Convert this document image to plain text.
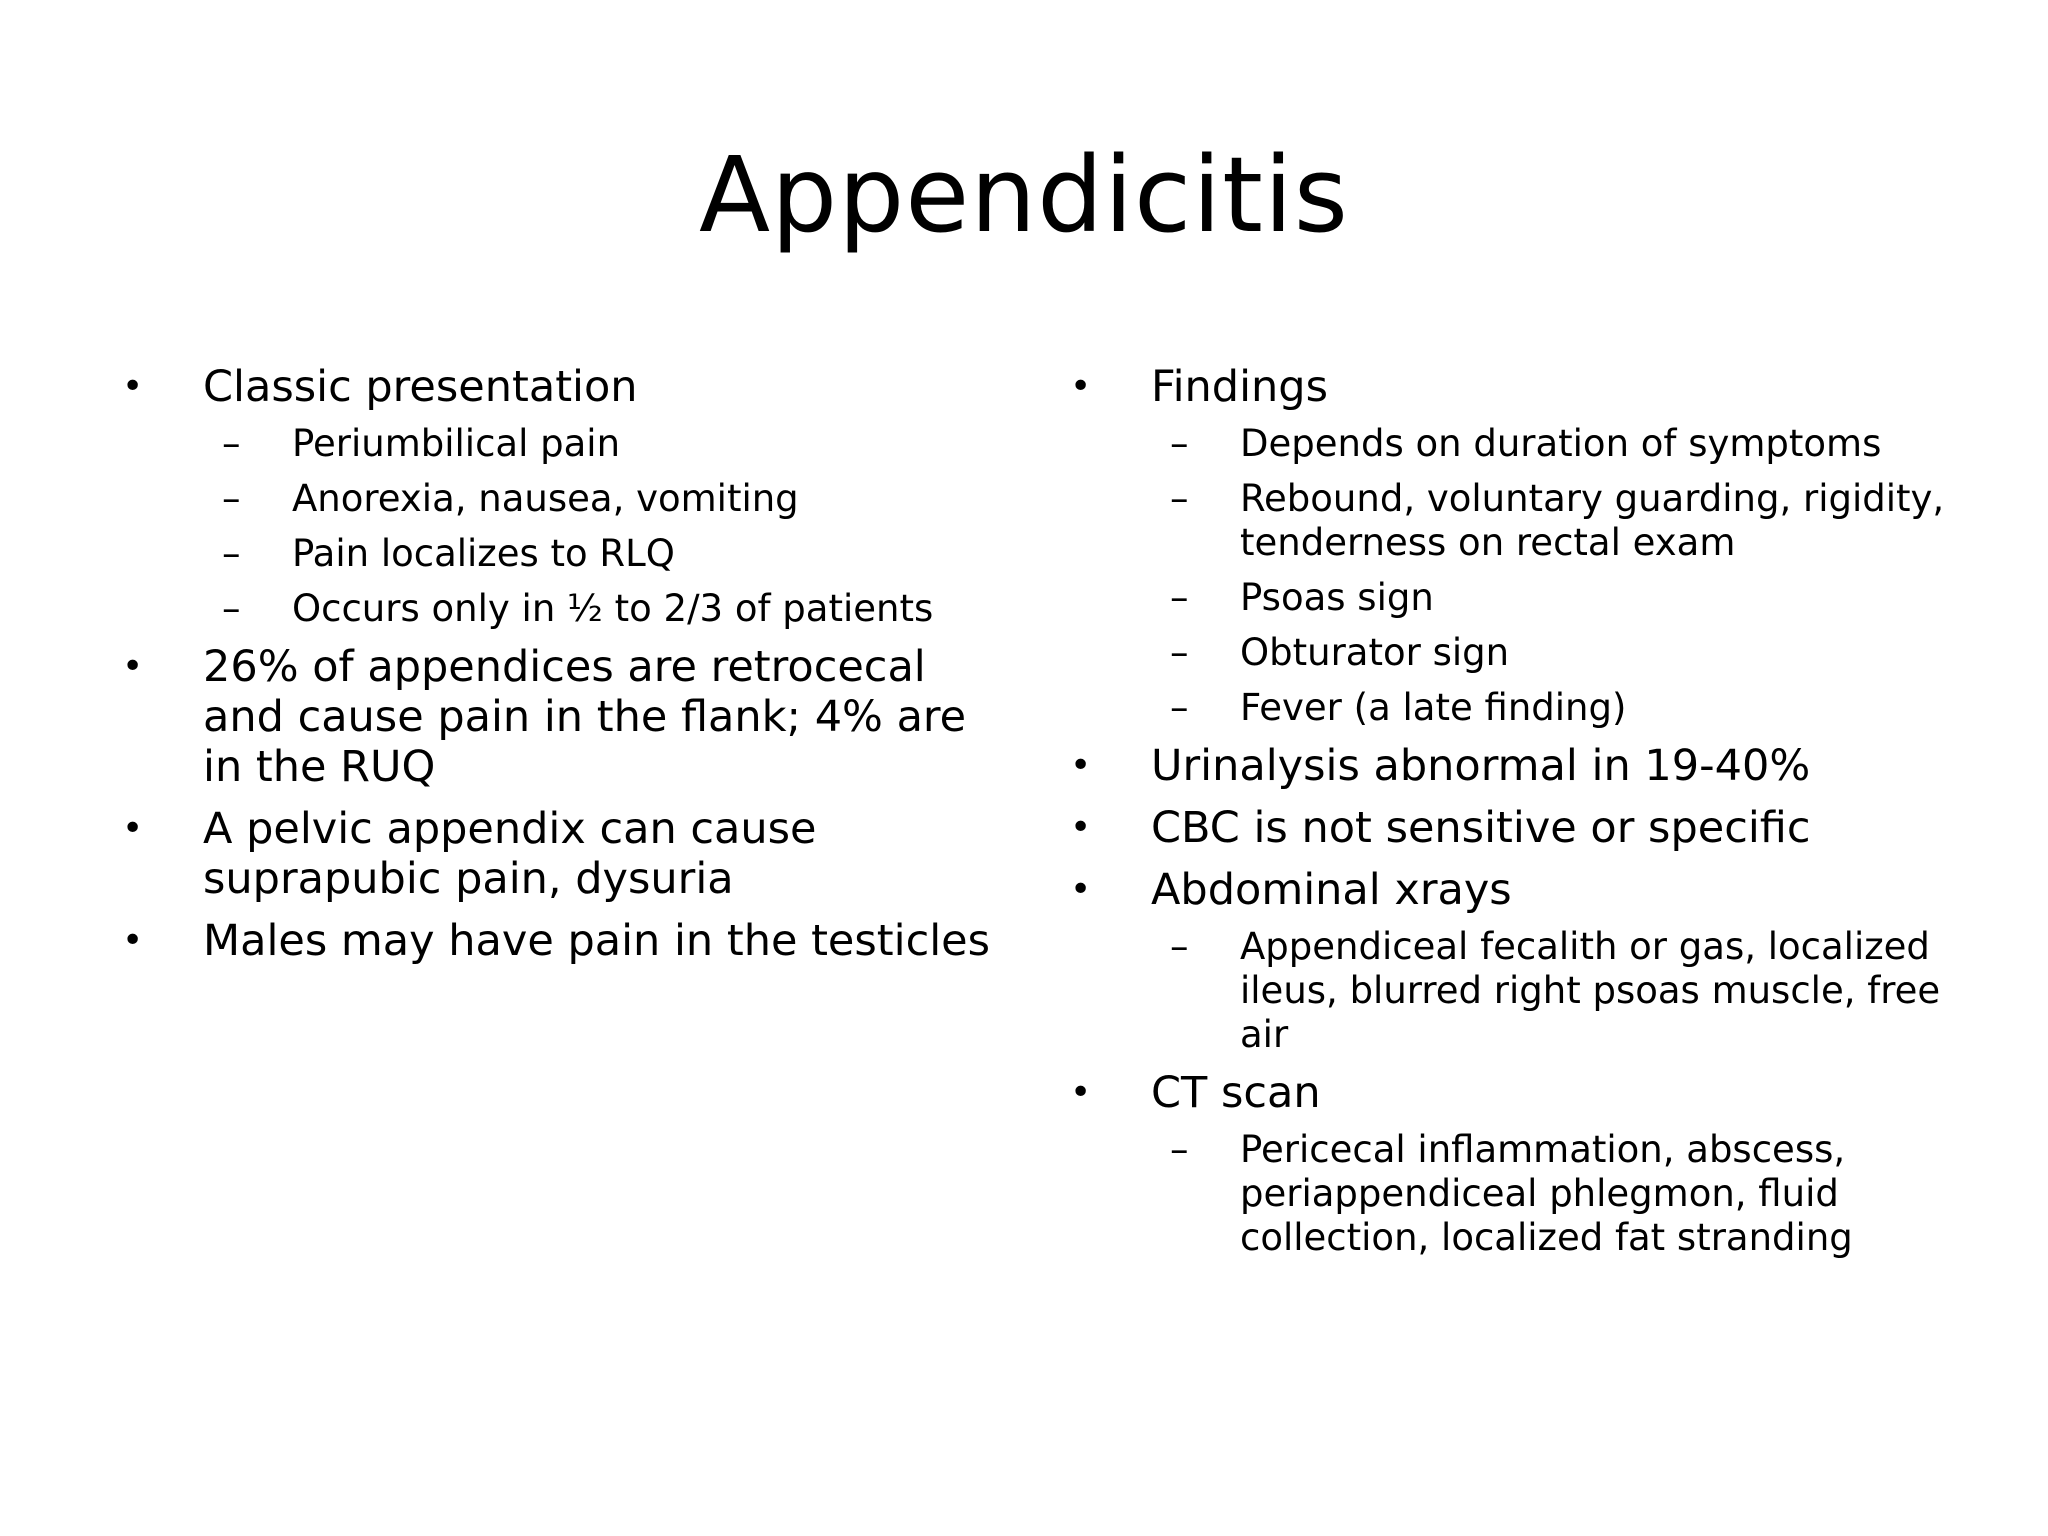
Appendicitis
• Classic presentation
– Periumbilical pain
– Anorexia, nausea, vomiting
– Pain localizes to RLQ
– Occurs only in ½ to 2/3 of patients
• 26% of appendices are retrocecal and cause pain in the flank; 4% are in the RUQ
• A pelvic appendix can cause suprapubic pain, dysuria
• Males may have pain in the testicles
• Findings
– Depends on duration of symptoms
– Rebound, voluntary guarding, rigidity, tenderness on rectal exam
– Psoas sign
– Obturator sign
– Fever (a late finding)
• Urinalysis abnormal in 19-40%
• CBC is not sensitive or specific
• Abdominal xrays
– Appendiceal fecalith or gas, localized ileus, blurred right psoas muscle, free air
• CT scan
– Pericecal inflammation, abscess, periappendiceal phlegmon, fluid collection, localized fat stranding
